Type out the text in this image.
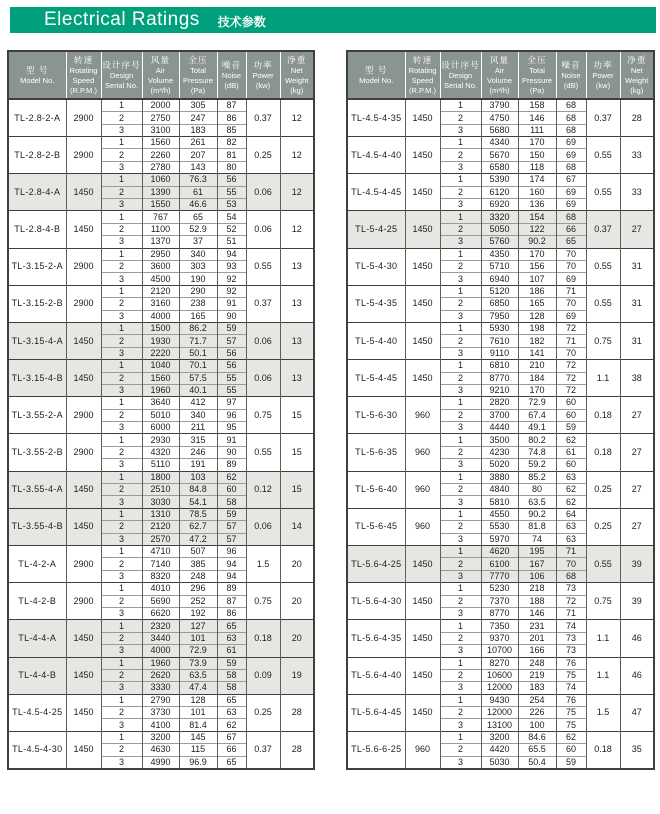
Electrical Ratings 技术参数
型 号
Model No.

转速
Rotating
Speed
(R.P.M.)

设计序号
Design
Serial No.

风量
Air
Volume
(m³/h)

全压
Total
Pressure
(Pa)

噪音
Noise
(dB)

功率
Power
(kw)

净重
Net
Weight
(kg)

TL-2.8-2-A	2900	1	2000	305	87	0.37	12
		2	2750	247	86		
		3	3100	183	85		
TL-2.8-2-B	2900	1	1560	261	82	0.25	12
		2	2260	207	81		
		3	2780	143	80		
TL-2.8-4-A	1450	1	1060	76.3	56	0.06	12
		2	1390	61	55		
		3	1550	46.6	53		
TL-2.8-4-B	1450	1	767	65	54	0.06	12
		2	1100	52.9	52		
		3	1370	37	51		
TL-3.15-2-A	2900	1	2950	340	94	0.55	13
		2	3600	303	93		
		3	4500	190	92		
TL-3.15-2-B	2900	1	2120	290	92	0.37	13
		2	3160	238	91		
		3	4000	165	90		
TL-3.15-4-A	1450	1	1500	86.2	59	0.06	13
		2	1930	71.7	57		
		3	2220	50.1	56		
TL-3.15-4-B	1450	1	1040	70.1	56	0.06	13
		2	1560	57.5	55		
		3	1960	40.1	55		
TL-3.55-2-A	2900	1	3640	412	97	0.75	15
		2	5010	340	96		
		3	6000	211	95		
TL-3.55-2-B	2900	1	2930	315	91	0.55	15
		2	4320	246	90		
		3	5110	191	89		
TL-3.55-4-A	1450	1	1800	103	62	0.12	15
		2	2510	84.8	60		
		3	3030	54.1	58		
TL-3.55-4-B	1450	1	1310	78.5	59	0.06	14
		2	2120	62.7	57		
		3	2570	47.2	57		
TL-4-2-A	2900	1	4710	507	96	1.5	20
		2	7140	385	94		
		3	8320	248	94		
TL-4-2-B	2900	1	4010	296	89	0.75	20
		2	5690	252	87		
		3	6620	192	86		
TL-4-4-A	1450	1	2320	127	65	0.18	20
		2	3440	101	63		
		3	4000	72.9	61		
TL-4-4-B	1450	1	1960	73.9	59	0.09	19
		2	2620	63.5	58		
		3	3330	47.4	58		
TL-4.5-4-25	1450	1	2790	128	65	0.25	28
		2	3730	101	63		
		3	4100	81.4	62		
TL-4.5-4-30	1450	1	3200	145	67	0.37	28
		2	4630	115	66		
		3	4990	96.9	65		
型 号
Model No.

转速
Rotating
Speed
(R.P.M.)

设计序号
Design
Serial No.

风量
Air
Volume
(m³/h)

全压
Total
Pressure
(Pa)

噪音
Noise
(dB)

功率
Power
(kw)

净重
Net
Weight
(kg)

TL-4.5-4-35	1450	1	3790	158	68	0.37	28
		2	4750	146	68		
		3	5680	111	68		
TL-4.5-4-40	1450	1	4340	170	69	0.55	33
		2	5670	150	69		
		3	6580	118	68		
TL-4.5-4-45	1450	1	5390	174	67	0.55	33
		2	6120	160	69		
		3	6920	136	69		
TL-5-4-25	1450	1	3320	154	68	0.37	27
		2	5050	122	66		
		3	5760	90.2	65		
TL-5-4-30	1450	1	4350	170	70	0.55	31
		2	5710	156	70		
		3	6940	107	69		
TL-5-4-35	1450	1	5120	186	71	0.55	31
		2	6850	165	70		
		3	7950	128	69		
TL-5-4-40	1450	1	5930	198	72	0.75	31
		2	7610	182	71		
		3	9110	141	70		
TL-5-4-45	1450	1	6810	210	72	1.1	38
		2	8770	184	72		
		3	9210	170	72		
TL-5-6-30	960	1	2820	72.9	60	0.18	27
		2	3700	67.4	60		
		3	4440	49.1	59		
TL-5-6-35	960	1	3500	80.2	62	0.18	27
		2	4230	74.8	61		
		3	5020	59.2	60		
TL-5-6-40	960	1	3880	85.2	63	0.25	27
		2	4840	80	62		
		3	5810	63.5	62		
TL-5-6-45	960	1	4550	90.2	64	0.25	27
		2	5530	81.8	63		
		3	5970	74	63		
TL-5.6-4-25	1450	1	4620	195	71	0.55	39
		2	6100	167	70		
		3	7770	106	68		
TL-5.6-4-30	1450	1	5230	218	73	0.75	39
		2	7370	188	72		
		3	8770	146	71		
TL-5.6-4-35	1450	1	7350	231	74	1.1	46
		2	9370	201	73		
		3	10700	166	73		
TL-5.6-4-40	1450	1	8270	248	76	1.1	46
		2	10600	219	75		
		3	12000	183	74		
TL-5.6-4-45	1450	1	9430	254	76	1.5	47
		2	12000	226	75		
		3	13100	100	75		
TL-5.6-6-25	960	1	3200	84.6	62	0.18	35
		2	4420	65.5	60		
		3	5030	50.4	59		
